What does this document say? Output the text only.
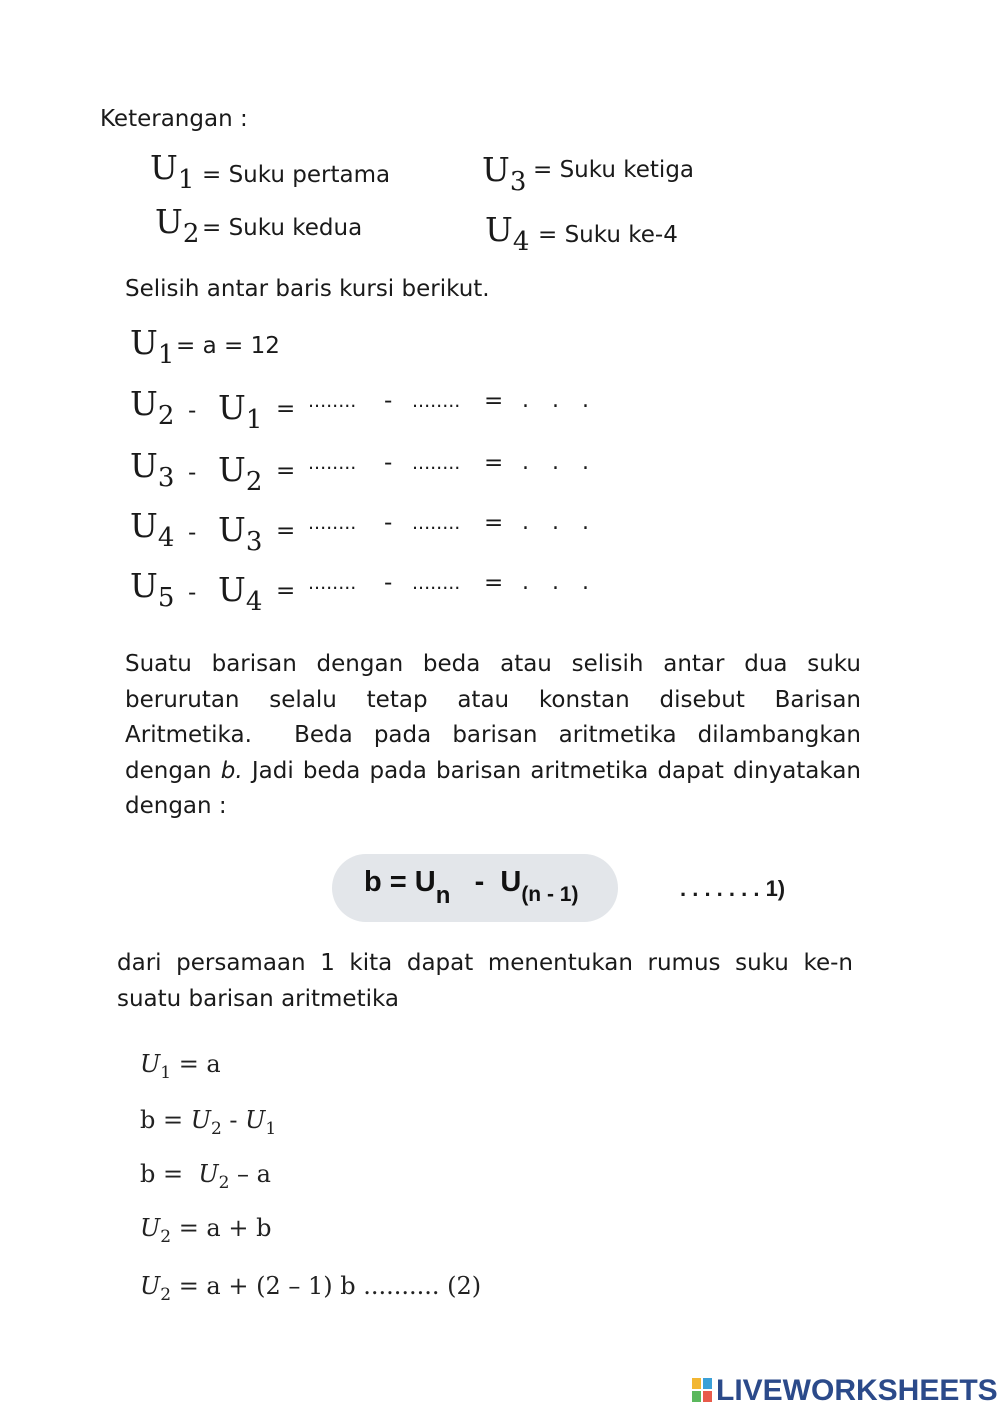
Keterangan :
$U_1$ = Suku pertama	$U_3$ = Suku ketiga
$U_2$ = Suku kedua	$U_4$ = Suku ke-4
Selisih antar baris kursi berikut.
$U_1 = a = 12$
$U_2 - U_1$ = ........ - ........ = . . .
$U_3 - U_2$ = ........ - ........ = . . .
$U_4 - U_3$ = ........ - ........ = . . .
$U_5 - U_4$ = ........ - ........ = . . .
Suatu barisan dengan beda atau selisih antar dua suku
berurutan selalu tetap atau konstan disebut Barisan
Aritmetika.  Beda pada barisan aritmetika dilambangkan
dengan b. Jadi beda pada barisan aritmetika dapat dinyatakan
dengan :
$b = U_n - U_{(n - 1)}$	. . . . . . . 1)
dari persamaan 1 kita dapat menentukan rumus suku ke-n
suatu barisan aritmetika
$U_1 = a$
$b = U_2 - U_1$
$b = U_2 - a$
$U_2 = a + b$
$U_2 = a + (2 - 1)$ b .......... (2)
LIVEWORKSHEETS
